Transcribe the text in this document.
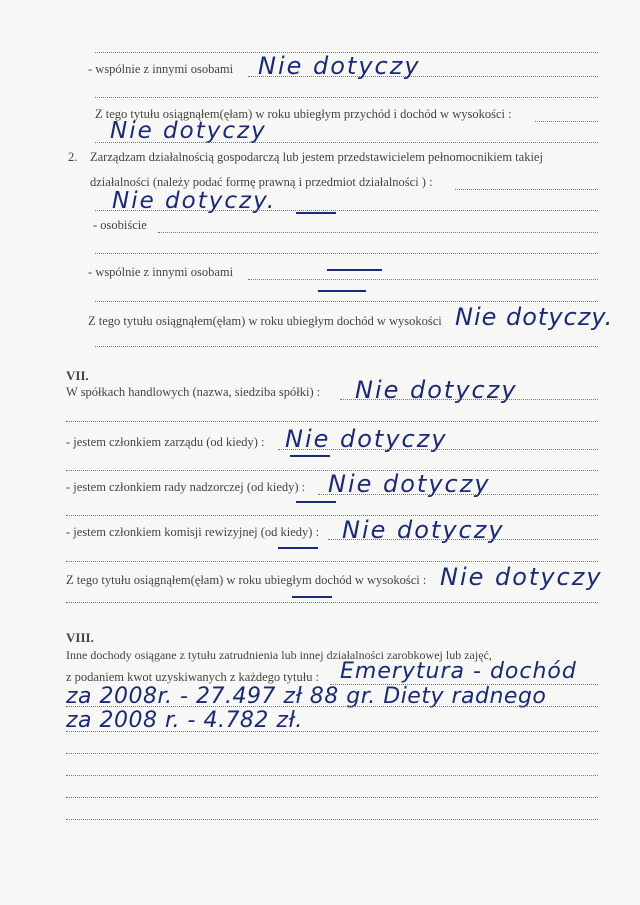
- wspólnie z innymi osobami Nie dotyczy
Z tego tytułu osiągnąłem(ęłam) w roku ubiegłym przychód i dochód w wysokości :
Nie dotyczy
2. Zarządzam działalnością gospodarczą lub jestem przedstawicielem pełnomocnikiem takiej
działalności (należy podać formę prawną i przedmiot działalności ) :
Nie dotyczy.
- osobiście
- wspólnie z innymi osobami
Z tego tytułu osiągnąłem(ęłam) w roku ubiegłym dochód w wysokości Nie dotyczy.
VII.
W spółkach handlowych (nazwa, siedziba spółki) : Nie dotyczy
- jestem członkiem zarządu (od kiedy) : Nie dotyczy
- jestem członkiem rady nadzorczej (od kiedy) : Nie dotyczy
- jestem członkiem komisji rewizyjnej (od kiedy) : Nie dotyczy
Z tego tytułu osiągnąłem(ęłam) w roku ubiegłym dochód w wysokości : Nie dotyczy
VIII.
Inne dochody osiągane z tytułu zatrudnienia lub innej działalności zarobkowej lub zajęć,
z podaniem kwot uzyskiwanych z każdego tytułu : Emerytura - dochód
za 2008r. - 27.497 zł 88 gr. Diety radnego
za 2008 r. - 4.782 zł.
